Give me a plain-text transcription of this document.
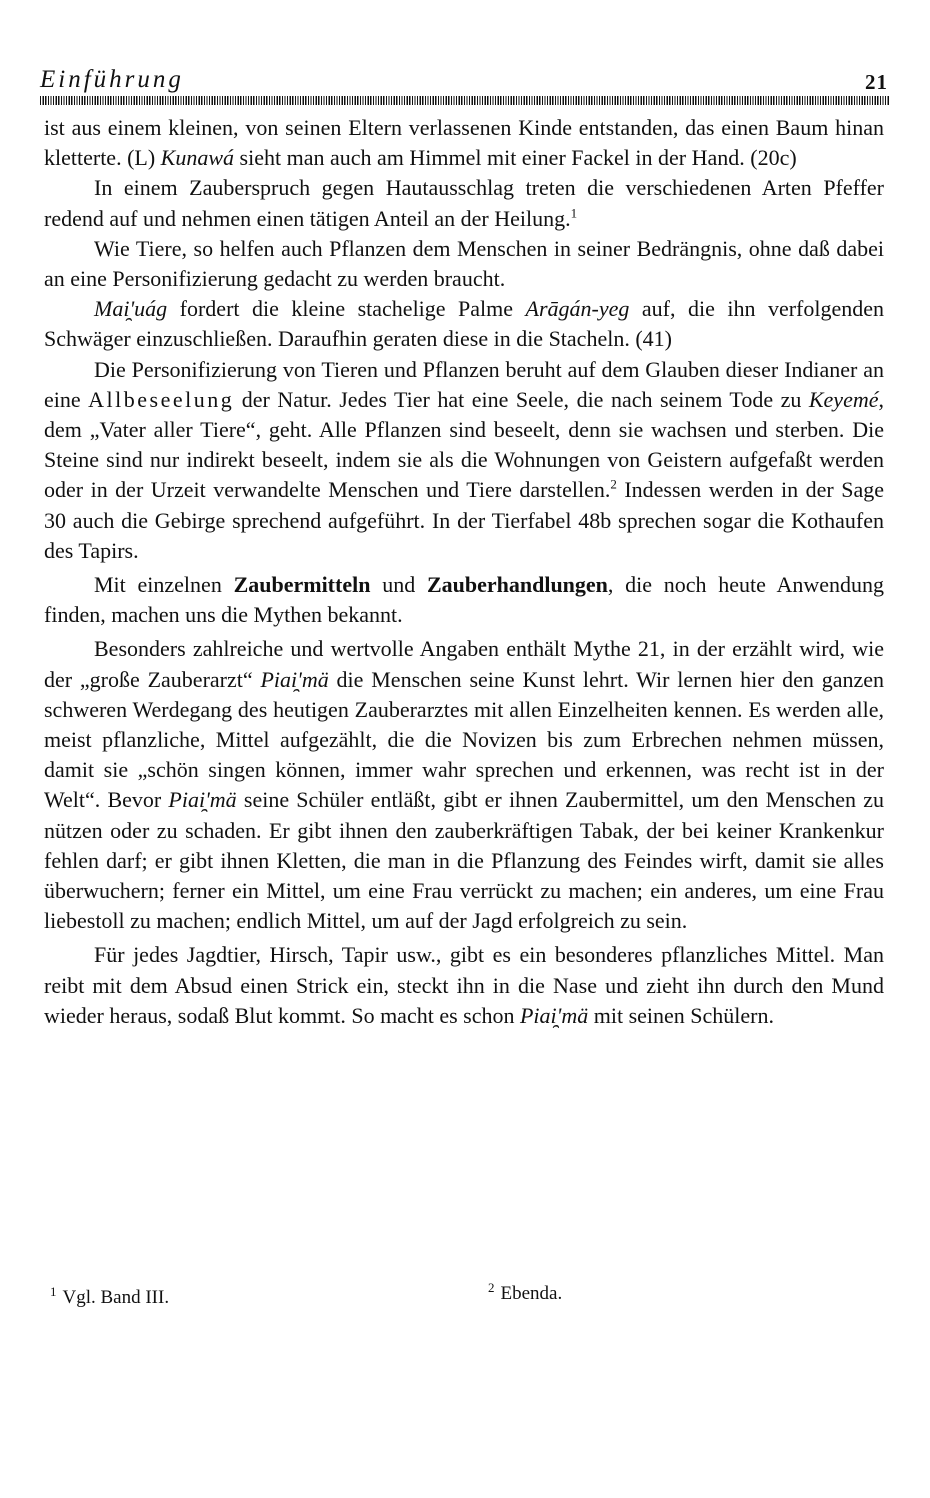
Einführung	21

ist aus einem kleinen, von seinen Eltern verlassenen Kinde entstanden, das einen Baum hinan kletterte. (L) Kunawá sieht man auch am Himmel mit einer Fackel in der Hand. (20c)

In einem Zauberspruch gegen Hautausschlag treten die verschiedenen Arten Pfeffer redend auf und nehmen einen tätigen Anteil an der Heilung.$^1$

Wie Tiere, so helfen auch Pflanzen dem Menschen in seiner Bedrängnis, ohne daß dabei an eine Personifizierung gedacht zu werden braucht.

Mai̯'uág fordert die kleine stachelige Palme Arāgán-yeg auf, die ihn verfolgenden Schwäger einzuschließen. Daraufhin geraten diese in die Stacheln. (41)

Die Personifizierung von Tieren und Pflanzen beruht auf dem Glauben dieser Indianer an eine Allbeseelung der Natur. Jedes Tier hat eine Seele, die nach seinem Tode zu Keyemé, dem „Vater aller Tiere“, geht. Alle Pflanzen sind beseelt, denn sie wachsen und sterben. Die Steine sind nur indirekt beseelt, indem sie als die Wohnungen von Geistern aufgefaßt werden oder in der Urzeit verwandelte Menschen und Tiere darstellen.$^2$ Indessen werden in der Sage 30 auch die Gebirge sprechend aufgeführt. In der Tierfabel 48b sprechen sogar die Kothaufen des Tapirs.

Mit einzelnen Zaubermitteln und Zauberhandlungen, die noch heute Anwendung finden, machen uns die Mythen bekannt.

Besonders zahlreiche und wertvolle Angaben enthält Mythe 21, in der erzählt wird, wie der „große Zauberarzt“ Piai̯'mä die Menschen seine Kunst lehrt. Wir lernen hier den ganzen schweren Werdegang des heutigen Zauberarztes mit allen Einzelheiten kennen. Es werden alle, meist pflanzliche, Mittel aufgezählt, die die Novizen bis zum Erbrechen nehmen müssen, damit sie „schön singen können, immer wahr sprechen und erkennen, was recht ist in der Welt“. Bevor Piai̯'mä seine Schüler entläßt, gibt er ihnen Zaubermittel, um den Menschen zu nützen oder zu schaden. Er gibt ihnen den zauberkräftigen Tabak, der bei keiner Krankenkur fehlen darf; er gibt ihnen Kletten, die man in die Pflanzung des Feindes wirft, damit sie alles überwuchern; ferner ein Mittel, um eine Frau verrückt zu machen; ein anderes, um eine Frau liebestoll zu machen; endlich Mittel, um auf der Jagd erfolgreich zu sein.

Für jedes Jagdtier, Hirsch, Tapir usw., gibt es ein besonderes pflanzliches Mittel. Man reibt mit dem Absud einen Strick ein, steckt ihn in die Nase und zieht ihn durch den Mund wieder heraus, sodaß Blut kommt. So macht es schon Piai̯'mä mit seinen Schülern.

$^1$ Vgl. Band III.	$^2$ Ebenda.
